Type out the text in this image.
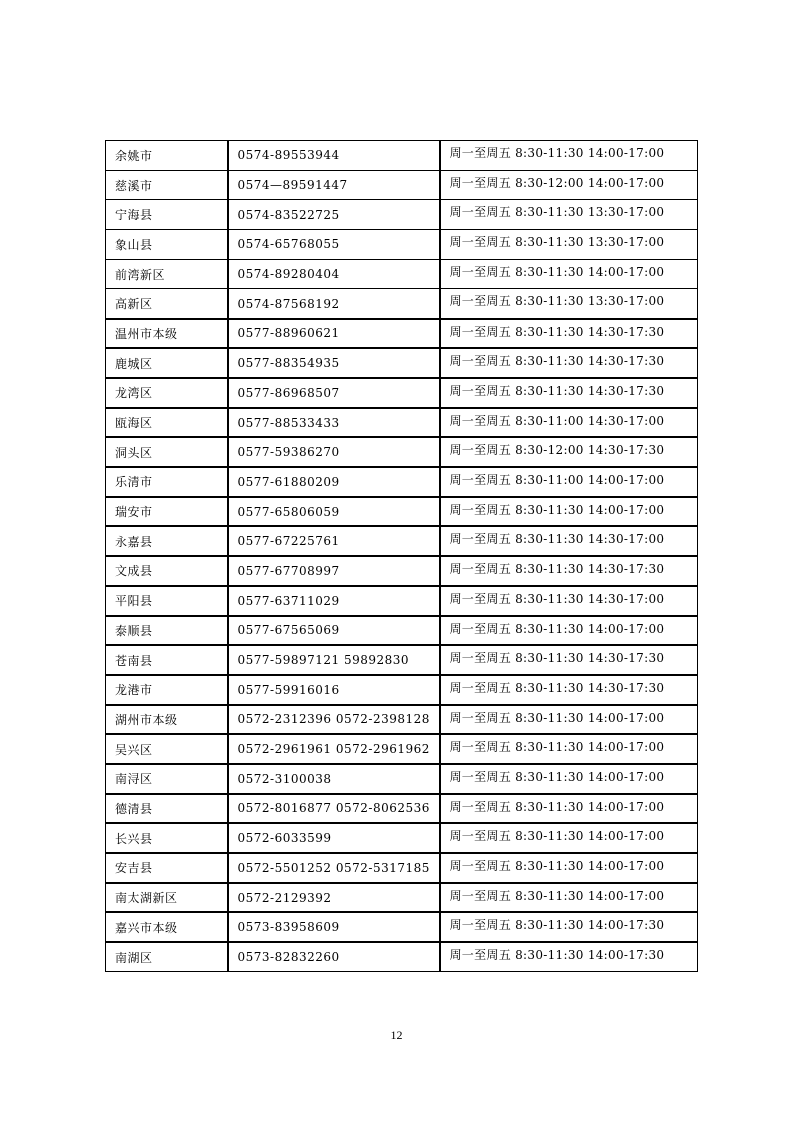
余姚市	0574-89553944	周一至周五 8:30-11:30 14:00-17:00
慈溪市	0574—89591447	周一至周五 8:30-12:00 14:00-17:00
宁海县	0574-83522725	周一至周五 8:30-11:30 13:30-17:00
象山县	0574-65768055	周一至周五 8:30-11:30 13:30-17:00
前湾新区	0574-89280404	周一至周五 8:30-11:30 14:00-17:00
高新区	0574-87568192	周一至周五 8:30-11:30 13:30-17:00
温州市本级	0577-88960621	周一至周五 8:30-11:30 14:30-17:30
鹿城区	0577-88354935	周一至周五 8:30-11:30 14:30-17:30
龙湾区	0577-86968507	周一至周五 8:30-11:30 14:30-17:30
瓯海区	0577-88533433	周一至周五 8:30-11:00 14:30-17:00
洞头区	0577-59386270	周一至周五 8:30-12:00 14:30-17:30
乐清市	0577-61880209	周一至周五 8:30-11:00 14:00-17:00
瑞安市	0577-65806059	周一至周五 8:30-11:30 14:00-17:00
永嘉县	0577-67225761	周一至周五 8:30-11:30 14:30-17:00
文成县	0577-67708997	周一至周五 8:30-11:30 14:30-17:30
平阳县	0577-63711029	周一至周五 8:30-11:30 14:30-17:00
泰顺县	0577-67565069	周一至周五 8:30-11:30 14:00-17:00
苍南县	0577-59897121 59892830	周一至周五 8:30-11:30 14:30-17:30
龙港市	0577-59916016	周一至周五 8:30-11:30 14:30-17:30
湖州市本级	0572-2312396 0572-2398128	周一至周五 8:30-11:30 14:00-17:00
吴兴区	0572-2961961 0572-2961962	周一至周五 8:30-11:30 14:00-17:00
南浔区	0572-3100038	周一至周五 8:30-11:30 14:00-17:00
德清县	0572-8016877 0572-8062536	周一至周五 8:30-11:30 14:00-17:00
长兴县	0572-6033599	周一至周五 8:30-11:30 14:00-17:00
安吉县	0572-5501252 0572-5317185	周一至周五 8:30-11:30 14:00-17:00
南太湖新区	0572-2129392	周一至周五 8:30-11:30 14:00-17:00
嘉兴市本级	0573-83958609	周一至周五 8:30-11:30 14:00-17:30
南湖区	0573-82832260	周一至周五 8:30-11:30 14:00-17:30
12
